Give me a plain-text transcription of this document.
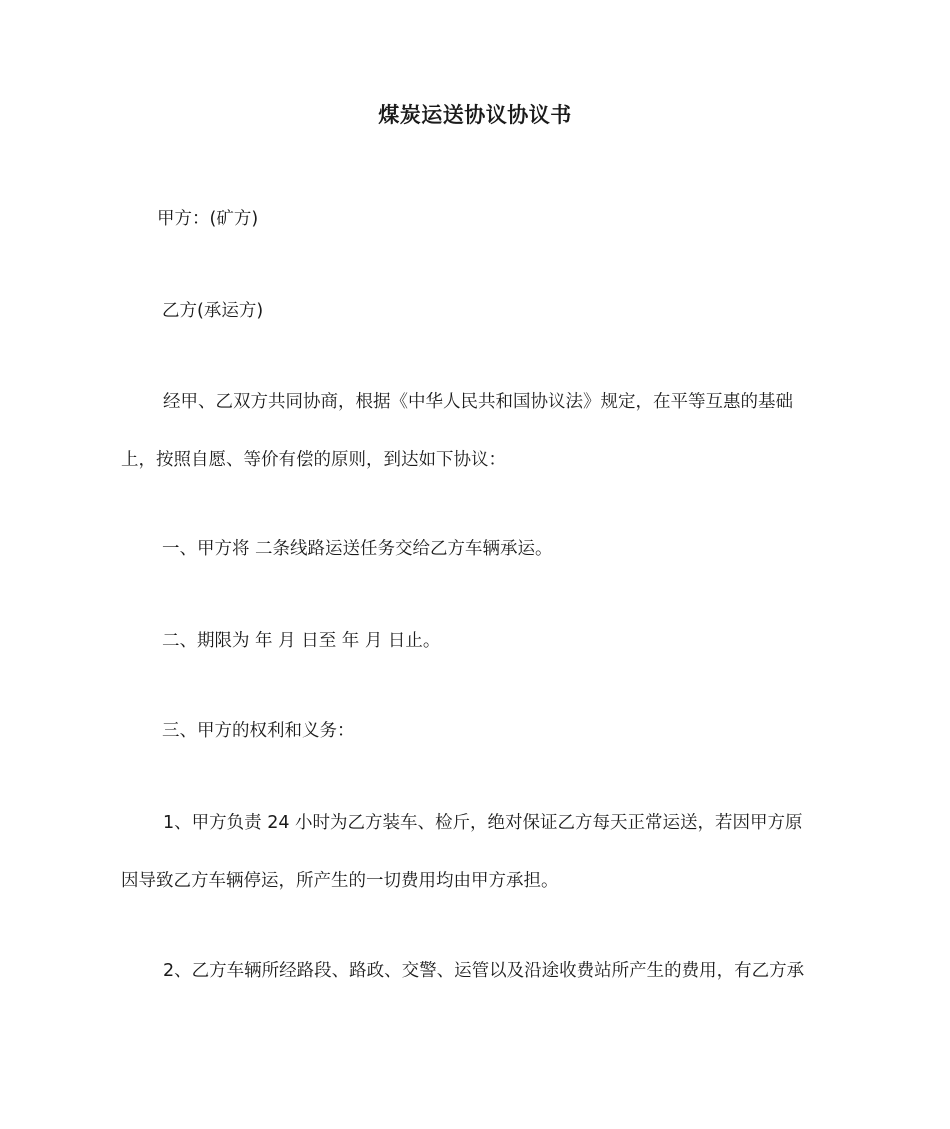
煤炭运送协议协议书
甲方：(矿方)
乙方(承运方)
经甲、乙双方共同协商，根据《中华人民共和国协议法》规定，在平等互惠的基础
上，按照自愿、等价有偿的原则，到达如下协议：
一、甲方将 二条线路运送任务交给乙方车辆承运。
二、期限为 年 月 日至 年 月 日止。
三、甲方的权利和义务：
1、甲方负责 24 小时为乙方装车、检斤，绝对保证乙方每天正常运送，若因甲方原
因导致乙方车辆停运，所产生的一切费用均由甲方承担。
2、乙方车辆所经路段、路政、交警、运管以及沿途收费站所产生的费用，有乙方承
